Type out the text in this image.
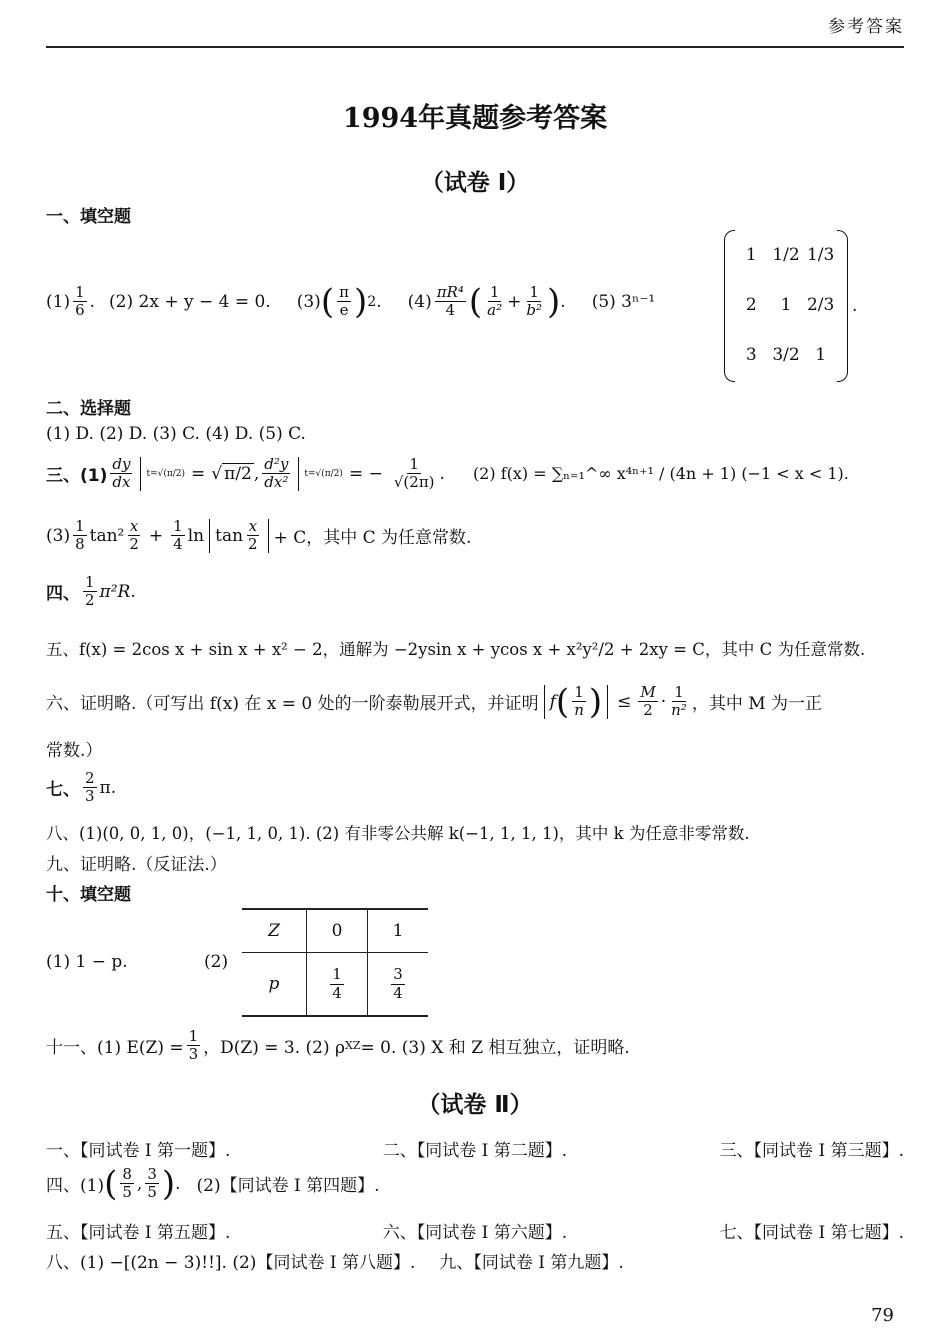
参考答案
1994年真题参考答案
（试卷 Ⅰ）
一、填空题
$(1) \frac{1}{6}$ . (2) 2x + y − 4 = 0. (3) ( $\frac{\pi}{e}$ ) 2 . $(4) \frac{\text{πR⁴}}{4}$ ( $\frac{1}{\text{a²}} + \frac{1}{\text{b²}}$ ) . (5) 3ⁿ⁻¹
1 1/2 1/3
2 1 2/3
3 3/2 1
.
二、选择题
(1) D. (2) D. (3) C. (4) D. (5) C.
三、$(1) \frac{dy}{dx} t=√(\pi/2)$ = √ π/2 , $\frac{\text{d²y}}{\text{dx²}} t=√(\pi/2)$ = − $\frac{1}{√(2\pi)}$ . (2) f(x) = ∑ₙ₌₁^∞ x⁴ⁿ⁺¹ / (4n + 1) (−1 < x < 1).
$(3) \frac{1}{8} \tan^2 \frac{x}{2} + \frac{1}{4}$ $\ln \tan \frac{x}{2} + C$，其中 C 为任意常数.
四、 $\frac{1}{2} \pi^2R$.
五、f(x) = 2cos x + sin x + x² − 2，通解为 −2ysin x + ycos x + x²y²/2 + 2xy = C，其中 C 为任意常数.
六、证明略.（可写出 f(x) 在 x = 0 处的一阶泰勒展开式，并证明 f ( $\frac{1}{n}$ ) ≤ $\frac{M}{2} \cdot \frac{1}{\text{n²}}$ ，其中 M 为一正
常数.）
七、 $\frac{2}{3} \pi$.
八、(1)(0, 0, 1, 0)，(−1, 1, 0, 1). (2) 有非零公共解 k(−1, 1, 1, 1)，其中 k 为任意非零常数.
九、证明略.（反证法.）
十、填空题
(1) 1 − p.	(2)
Z	0	1
p	$\frac{1}{4}$	$\frac{3}{4}$
十一、(1) $E(Z) = \frac{1}{3}$ ，D(Z) = 3. (2) ρ XZ = 0. (3) X 和 Z 相互独立，证明略.
（试卷 Ⅱ）
一、【同试卷 Ⅰ 第一题】.	二、【同试卷 Ⅰ 第二题】.	三、【同试卷 Ⅰ 第三题】.
四、(1) ( $\frac{8}{5}$ , $\frac{3}{5}$ ) . (2)【同试卷 Ⅰ 第四题】.
五、【同试卷 Ⅰ 第五题】.	六、【同试卷 Ⅰ 第六题】.	七、【同试卷 Ⅰ 第七题】.
八、(1) −[(2n − 3)!!]. (2)【同试卷 Ⅰ 第八题】. 九、【同试卷 Ⅰ 第九题】.
79
